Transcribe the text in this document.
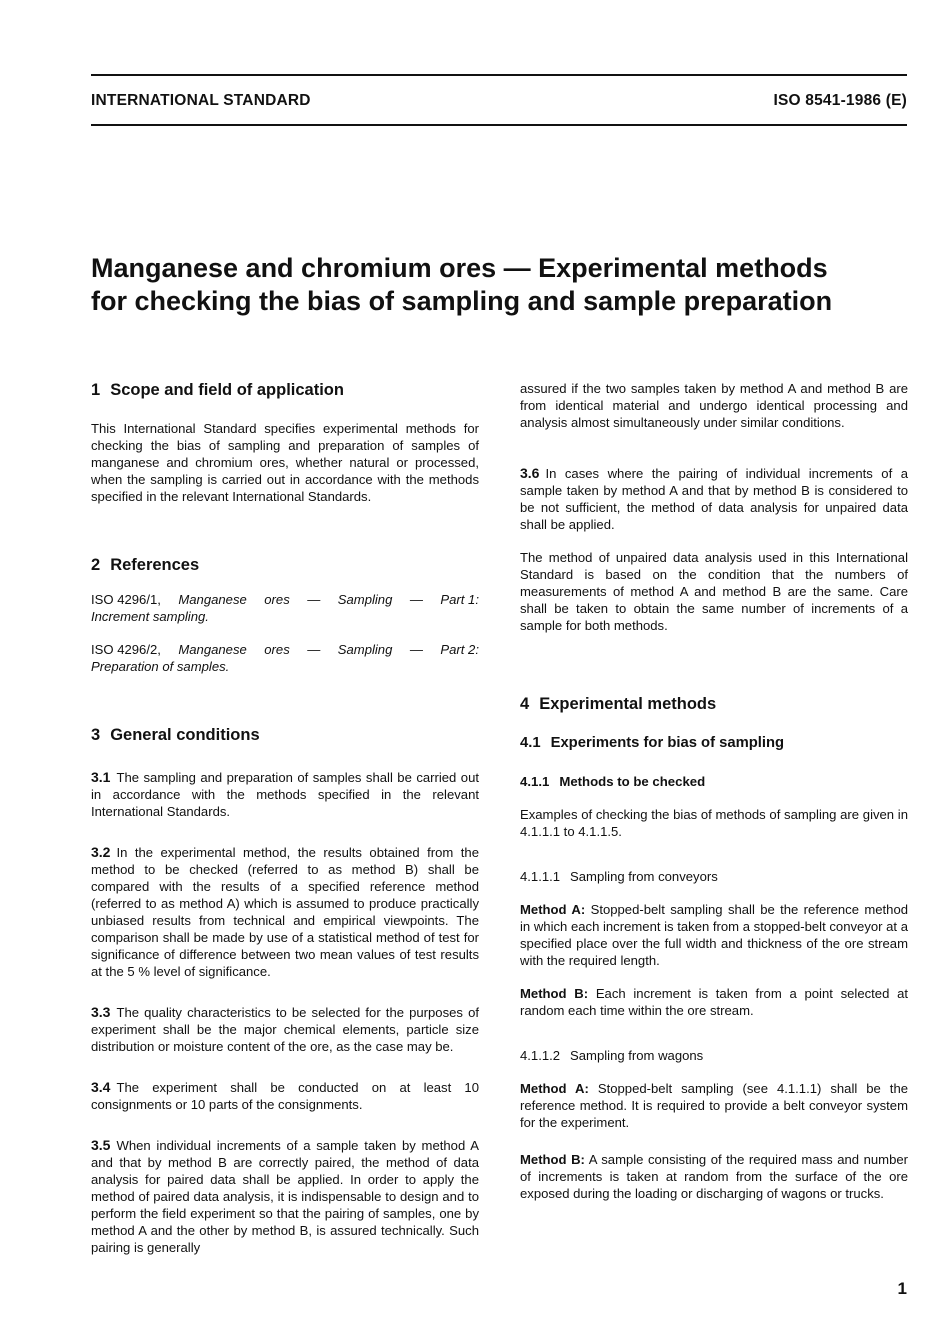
INTERNATIONAL STANDARD	ISO 8541-1986 (E)
Manganese and chromium ores — Experimental methods
for checking the bias of sampling and sample preparation
1 Scope and field of application

This International Standard specifies experimental methods for checking the bias of sampling and preparation of samples of manganese and chromium ores, whether natural or processed, when the sampling is carried out in accordance with the methods specified in the relevant International Standards.

2 References
ISO 4296/1, Manganese ores — Sampling — Part 1:
Increment sampling.
ISO 4296/2, Manganese ores — Sampling — Part 2:
Preparation of samples.
3 General conditions

3.1 The sampling and preparation of samples shall be carried out in accordance with the methods specified in the relevant International Standards.

3.2 In the experimental method, the results obtained from the method to be checked (referred to as method B) shall be compared with the results of a specified reference method (referred to as method A) which is assumed to produce practically unbiased results from technical and empirical viewpoints. The comparison shall be made by use of a statistical method of test for significance of difference between two mean values of test results at the 5 % level of significance.

3.3 The quality characteristics to be selected for the purposes of experiment shall be the major chemical elements, particle size distribution or moisture content of the ore, as the case may be.

3.4 The experiment shall be conducted on at least 10 consignments or 10 parts of the consignments.

3.5 When individual increments of a sample taken by method A and that by method B are correctly paired, the method of data analysis for paired data shall be applied. In order to apply the method of paired data analysis, it is indispensable to design and to perform the field experiment so that the pairing of samples, one by method A and the other by method B, is assured technically. Such pairing is generally

assured if the two samples taken by method A and method B are from identical material and undergo identical processing and analysis almost simultaneously under similar conditions.

3.6 In cases where the pairing of individual increments of a sample taken by method A and that by method B is considered to be not sufficient, the method of data analysis for unpaired data shall be applied.

The method of unpaired data analysis used in this International Standard is based on the condition that the numbers of measurements of method A and method B are the same. Care shall be taken to obtain the same number of increments of a sample for both methods.

4 Experimental methods
4.1 Experiments for bias of sampling
4.1.1 Methods to be checked

Examples of checking the bias of methods of sampling are given in 4.1.1.1 to 4.1.1.5.

4.1.1.1 Sampling from conveyors

Method A: Stopped-belt sampling shall be the reference method in which each increment is taken from a stopped-belt conveyor at a specified place over the full width and thickness of the ore stream with the required length.

Method B: Each increment is taken from a point selected at random each time within the ore stream.

4.1.1.2 Sampling from wagons

Method A: Stopped-belt sampling (see 4.1.1.1) shall be the reference method. It is required to provide a belt conveyor system for the experiment.

Method B: A sample consisting of the required mass and number of increments is taken at random from the surface of the ore exposed during the loading or discharging of wagons or trucks.

1
